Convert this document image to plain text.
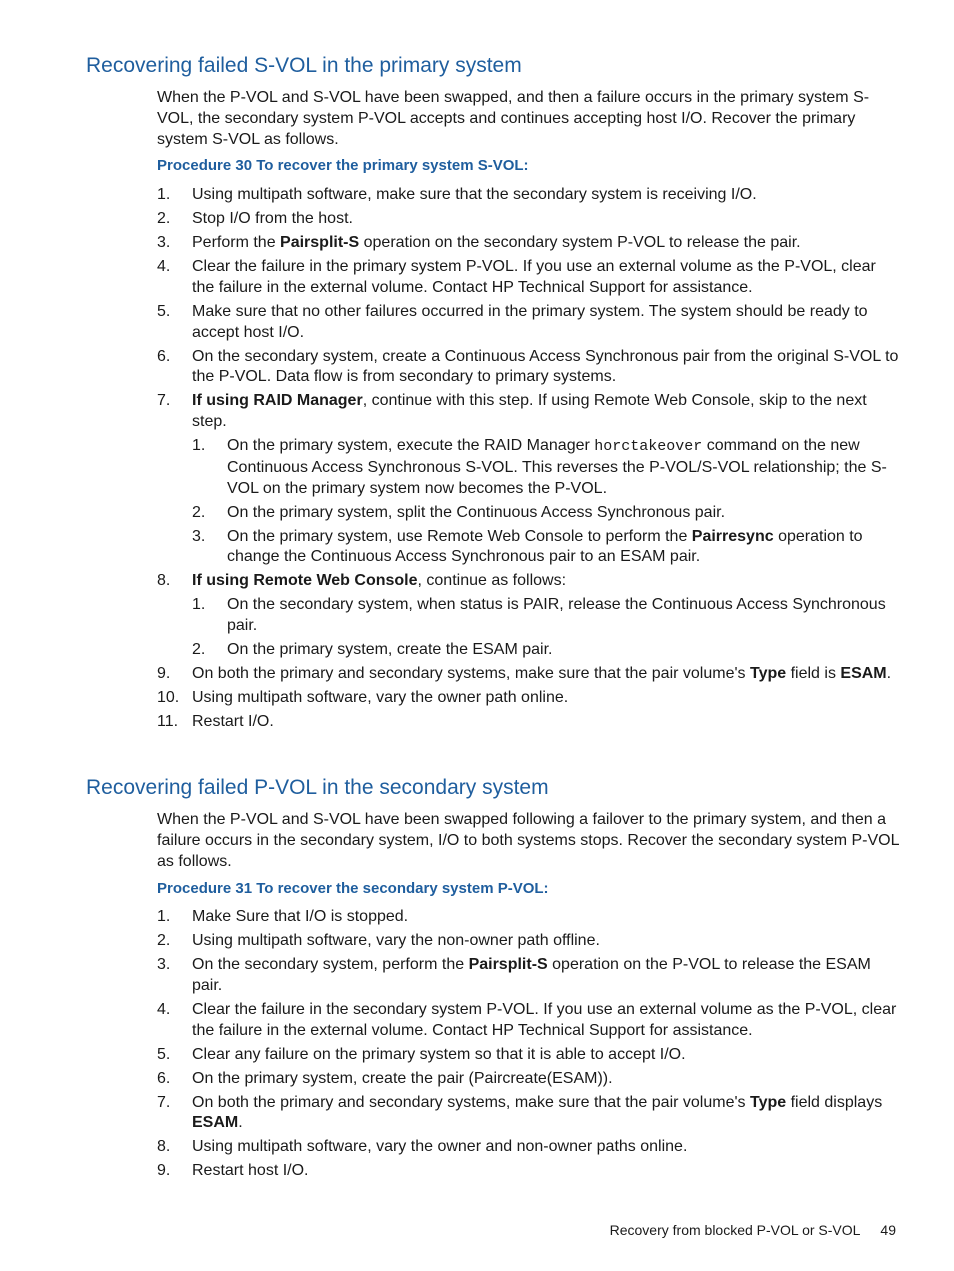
Recovering failed S-VOL in the primary system

When the P-VOL and S-VOL have been swapped, and then a failure occurs in the primary system S-VOL, the secondary system P-VOL accepts and continues accepting host I/O. Recover the primary system S-VOL as follows.

Procedure 30 To recover the primary system S-VOL:

1. Using multipath software, make sure that the secondary system is receiving I/O.
2. Stop I/O from the host.
3. Perform the Pairsplit-S operation on the secondary system P-VOL to release the pair.
4. Clear the failure in the primary system P-VOL. If you use an external volume as the P-VOL, clear the failure in the external volume. Contact HP Technical Support for assistance.
5. Make sure that no other failures occurred in the primary system. The system should be ready to accept host I/O.
6. On the secondary system, create a Continuous Access Synchronous pair from the original S-VOL to the P-VOL. Data flow is from secondary to primary systems.
7. If using RAID Manager, continue with this step. If using Remote Web Console, skip to the next step.
1. On the primary system, execute the RAID Manager horctakeover command on the new Continuous Access Synchronous S-VOL. This reverses the P-VOL/S-VOL relationship; the S-VOL on the primary system now becomes the P-VOL.
2. On the primary system, split the Continuous Access Synchronous pair.
3. On the primary system, use Remote Web Console to perform the Pairresync operation to change the Continuous Access Synchronous pair to an ESAM pair.
8. If using Remote Web Console, continue as follows:
1. On the secondary system, when status is PAIR, release the Continuous Access Synchronous pair.
2. On the primary system, create the ESAM pair.
9. On both the primary and secondary systems, make sure that the pair volume's Type field is ESAM.
10. Using multipath software, vary the owner path online.
11. Restart I/O.
Recovering failed P-VOL in the secondary system

When the P-VOL and S-VOL have been swapped following a failover to the primary system, and then a failure occurs in the secondary system, I/O to both systems stops. Recover the secondary system P-VOL as follows.

Procedure 31 To recover the secondary system P-VOL:

1. Make Sure that I/O is stopped.
2. Using multipath software, vary the non-owner path offline.
3. On the secondary system, perform the Pairsplit-S operation on the P-VOL to release the ESAM pair.
4. Clear the failure in the secondary system P-VOL. If you use an external volume as the P-VOL, clear the failure in the external volume. Contact HP Technical Support for assistance.
5. Clear any failure on the primary system so that it is able to accept I/O.
6. On the primary system, create the pair (Paircreate(ESAM)).
7. On both the primary and secondary systems, make sure that the pair volume's Type field displays ESAM.
8. Using multipath software, vary the owner and non-owner paths online.
9. Restart host I/O.
Recovery from blocked P-VOL or S-VOL 49
